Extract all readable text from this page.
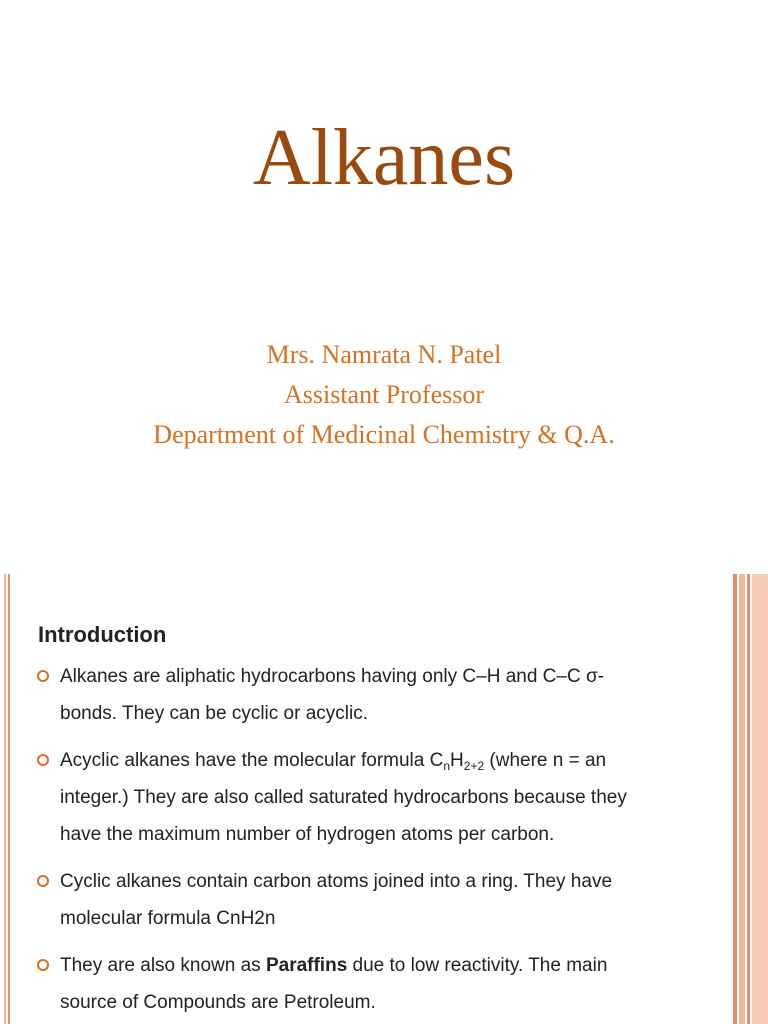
Alkanes
Mrs. Namrata N. Patel
Assistant Professor
Department of Medicinal Chemistry & Q.A.
Introduction
Alkanes are aliphatic hydrocarbons having only C–H and C–C σ-bonds. They can be cyclic or acyclic.
Acyclic alkanes have the molecular formula $C_nH_{2+2}$ (where n = an integer.) They are also called saturated hydrocarbons because they have the maximum number of hydrogen atoms per carbon.
Cyclic alkanes contain carbon atoms joined into a ring. They have molecular formula CnH2n
They are also known as Paraffins due to low reactivity. The main source of Compounds are Petroleum.
